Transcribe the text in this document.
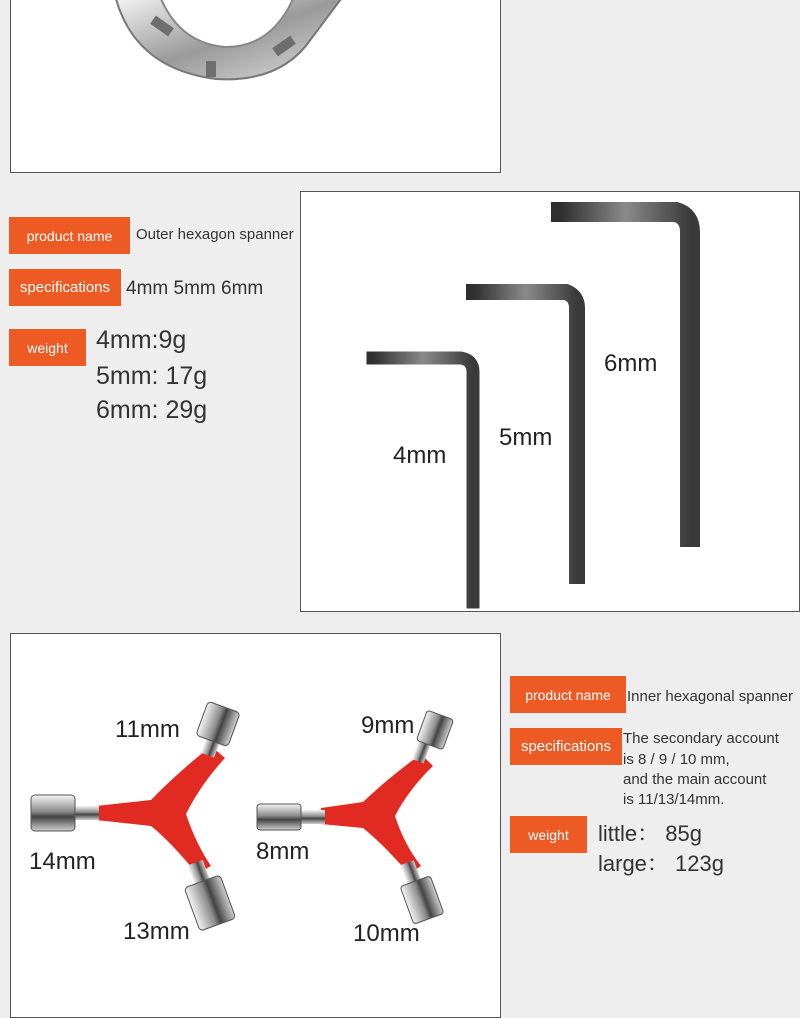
product name	Outer hexagon spanner
specifications 4mm 5mm 6mm
weight	4mm:9g
5mm: 17g
6mm: 29g
4mm
5mm
6mm
11mm
14mm
13mm
9mm
8mm
10mm
product name	Inner hexagonal spanner
specifications The secondary account
is 8 / 9 / 10 mm,
and the main account
is 11/13/14mm.
weight	little： 85g
large： 123g
